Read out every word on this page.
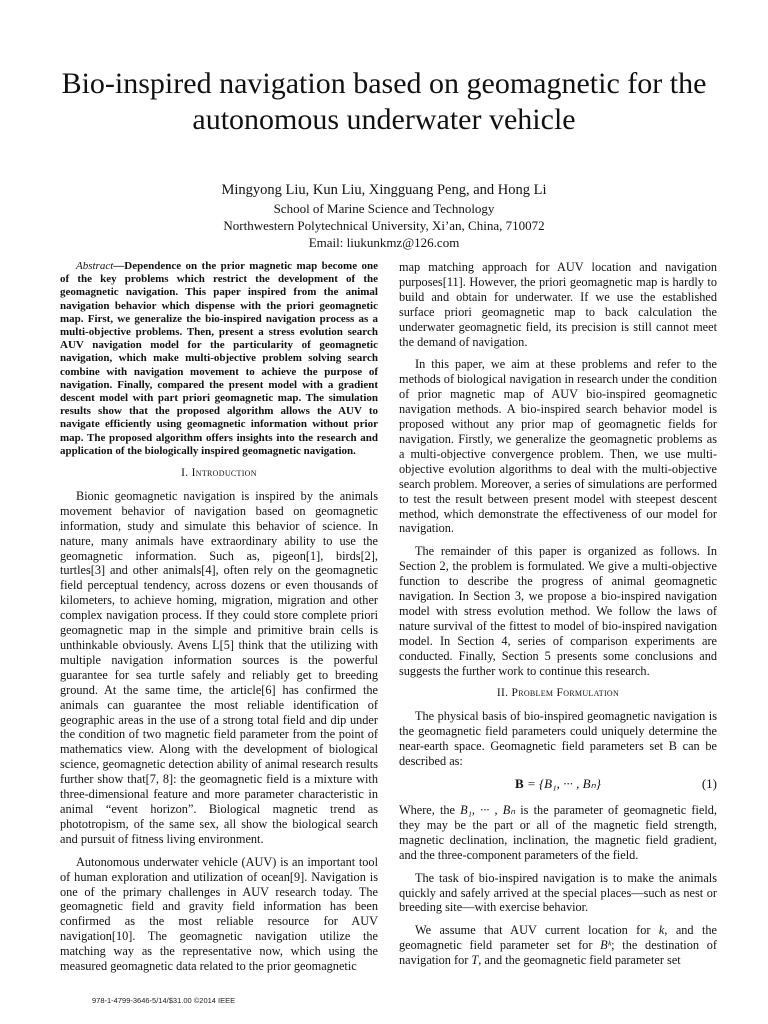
Bio-inspired navigation based on geomagnetic for the autonomous underwater vehicle
Mingyong Liu, Kun Liu, Xingguang Peng, and Hong Li
School of Marine Science and Technology
Northwestern Polytechnical University, Xi’an, China, 710072
Email: liukunkmz@126.com

Abstract—Dependence on the prior magnetic map become one of the key problems which restrict the development of the geomagnetic navigation. This paper inspired from the animal navigation behavior which dispense with the priori geomagnetic map. First, we generalize the bio-inspired navigation process as a multi-objective problems. Then, present a stress evolution search AUV navigation model for the particularity of geomagnetic navigation, which make multi-objective problem solving search combine with navigation movement to achieve the purpose of navigation. Finally, compared the present model with a gradient descent model with part priori geomagnetic map. The simulation results show that the proposed algorithm allows the AUV to navigate efficiently using geomagnetic information without prior map. The proposed algorithm offers insights into the research and application of the biologically inspired geomagnetic navigation.

I. Introduction

Bionic geomagnetic navigation is inspired by the animals movement behavior of navigation based on geomagnetic information, study and simulate this behavior of science. In nature, many animals have extraordinary ability to use the geomagnetic information. Such as, pigeon[1], birds[2], turtles[3] and other animals[4], often rely on the geomagnetic field perceptual tendency, across dozens or even thousands of kilometers, to achieve homing, migration, migration and other complex navigation process. If they could store complete priori geomagnetic map in the simple and primitive brain cells is unthinkable obviously. Avens L[5] think that the utilizing with multiple navigation information sources is the powerful guarantee for sea turtle safely and reliably get to breeding ground. At the same time, the article[6] has confirmed the animals can guarantee the most reliable identification of geographic areas in the use of a strong total field and dip under the condition of two magnetic field parameter from the point of mathematics view. Along with the development of biological science, geomagnetic detection ability of animal research results further show that[7, 8]: the geomagnetic field is a mixture with three-dimensional feature and more parameter characteristic in animal “event horizon”. Biological magnetic trend as phototropism, of the same sex, all show the biological search and pursuit of fitness living environment.

Autonomous underwater vehicle (AUV) is an important tool of human exploration and utilization of ocean[9]. Navigation is one of the primary challenges in AUV research today. The geomagnetic field and gravity field information has been confirmed as the most reliable resource for AUV navigation[10]. The geomagnetic navigation utilize the matching way as the representative now, which using the measured geomagnetic data related to the prior geomagnetic

map matching approach for AUV location and navigation purposes[11]. However, the priori geomagnetic map is hardly to build and obtain for underwater. If we use the established surface priori geomagnetic map to back calculation the underwater geomagnetic field, its precision is still cannot meet the demand of navigation.

In this paper, we aim at these problems and refer to the methods of biological navigation in research under the condition of prior magnetic map of AUV bio-inspired geomagnetic navigation methods. A bio-inspired search behavior model is proposed without any prior map of geomagnetic fields for navigation. Firstly, we generalize the geomagnetic problems as a multi-objective convergence problem. Then, we use multi-objective evolution algorithms to deal with the multi-objective search problem. Moreover, a series of simulations are performed to test the result between present model with steepest descent method, which demonstrate the effectiveness of our model for navigation.

The remainder of this paper is organized as follows. In Section 2, the problem is formulated. We give a multi-objective function to describe the progress of animal geomagnetic navigation. In Section 3, we propose a bio-inspired navigation model with stress evolution method. We follow the laws of nature survival of the fittest to model of bio-inspired navigation model. In Section 4, series of comparison experiments are conducted. Finally, Section 5 presents some conclusions and suggests the further work to continue this research.

II. Problem Formulation

The physical basis of bio-inspired geomagnetic navigation is the geomagnetic field parameters could uniquely determine the near-earth space. Geomagnetic field parameters set B can be described as:

B = {B₁, ··· , Bₙ}	(1)

Where, the B₁, ··· , Bₙ is the parameter of geomagnetic field, they may be the part or all of the magnetic field strength, magnetic declination, inclination, the magnetic field gradient, and the three-component parameters of the field.

The task of bio-inspired navigation is to make the animals quickly and safely arrived at the special places—such as nest or breeding site—with exercise behavior.

We assume that AUV current location for k, and the geomagnetic field parameter set for Bᵏ; the destination of navigation for T, and the geomagnetic field parameter set

978-1-4799-3646-5/14/$31.00 ©2014 IEEE
